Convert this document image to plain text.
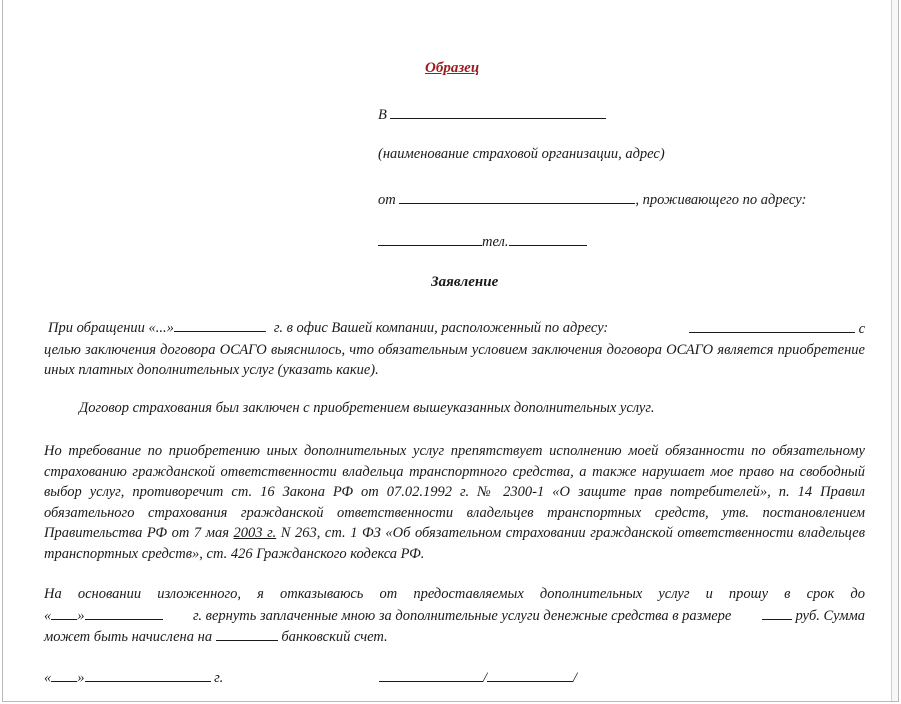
Образец
В
(наименование страховой организации, адрес)
от	, проживающего по адресу:
тел.
Заявление
При обращении «...»	г. в офис Вашей компании, расположенный по адресу:	с
целью заключения договора ОСАГО выяснилось, что обязательным условием заключения договора ОСАГО является приобретение иных платных дополнительных услуг (указать какие).
Договор страхования был заключен с приобретением вышеуказанных дополнительных услуг.
Но требование по приобретению иных дополнительных услуг препятствует исполнению моей обязанности по обязательному страхованию гражданской ответственности владельца транспортного средства, а также нарушает мое право на свободный выбор услуг, противоречит ст. 16 Закона РФ от 07.02.1992 г. № 2300-1 «О защите прав потребителей», п. 14 Правил обязательного страхования гражданской ответственности владельцев транспортных средств, утв. постановлением Правительства РФ от 7 мая 2003 г. N 263, ст. 1 ФЗ «Об обязательном страховании гражданской ответственности владельцев транспортных средств», ст. 426 Гражданского кодекса РФ.
На основании изложенного, я отказываюсь от предоставляемых дополнительных услуг и прошу в срок до
« »	г. вернуть заплаченные мною за дополнительные услуги денежные средства в размере	руб. Сумма
может быть начислена на	банковский счет.
« »	г.	/	/
